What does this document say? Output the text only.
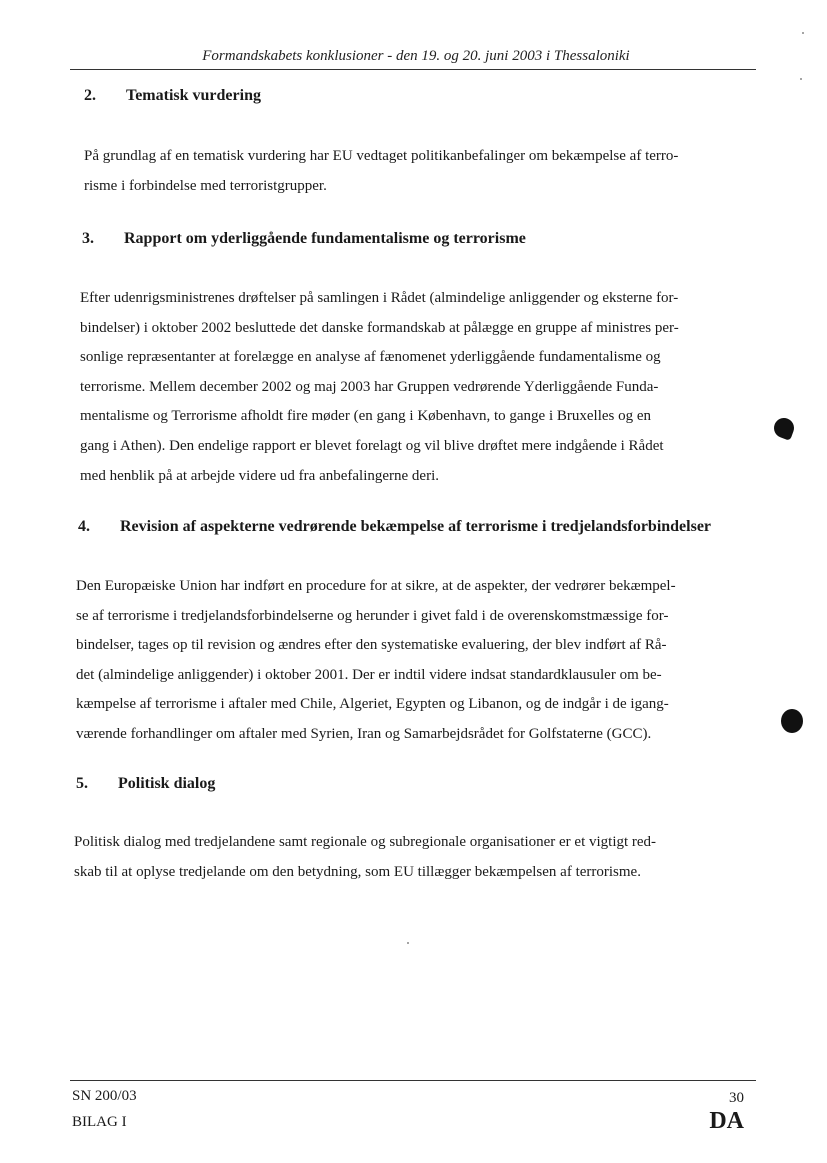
Formandskabets konklusioner - den 19. og 20. juni 2003 i Thessaloniki
2. Tematisk vurdering
På grundlag af en tematisk vurdering har EU vedtaget politikanbefalinger om bekæmpelse af terro-
risme i forbindelse med terroristgrupper.
3. Rapport om yderliggående fundamentalisme og terrorisme
Efter udenrigsministrenes drøftelser på samlingen i Rådet (almindelige anliggender og eksterne for-
bindelser) i oktober 2002 besluttede det danske formandskab at pålægge en gruppe af ministres per-
sonlige repræsentanter at forelægge en analyse af fænomenet yderliggående fundamentalisme og
terrorisme. Mellem december 2002 og maj 2003 har Gruppen vedrørende Yderliggående Funda-
mentalisme og Terrorisme afholdt fire møder (en gang i København, to gange i Bruxelles og en
gang i Athen). Den endelige rapport er blevet forelagt og vil blive drøftet mere indgående i Rådet
med henblik på at arbejde videre ud fra anbefalingerne deri.
4. Revision af aspekterne vedrørende bekæmpelse af terrorisme i tredjelandsforbindelser
Den Europæiske Union har indført en procedure for at sikre, at de aspekter, der vedrører bekæmpel-
se af terrorisme i tredjelandsforbindelserne og herunder i givet fald i de overenskomstmæssige for-
bindelser, tages op til revision og ændres efter den systematiske evaluering, der blev indført af Rå-
det (almindelige anliggender) i oktober 2001. Der er indtil videre indsat standardklausuler om be-
kæmpelse af terrorisme i aftaler med Chile, Algeriet, Egypten og Libanon, og de indgår i de igang-
værende forhandlinger om aftaler med Syrien, Iran og Samarbejdsrådet for Golfstaterne (GCC).
5. Politisk dialog
Politisk dialog med tredjelandene samt regionale og subregionale organisationer er et vigtigt red-
skab til at oplyse tredjelande om den betydning, som EU tillægger bekæmpelsen af terrorisme.
SN 200/03
BILAG I
30
DA
